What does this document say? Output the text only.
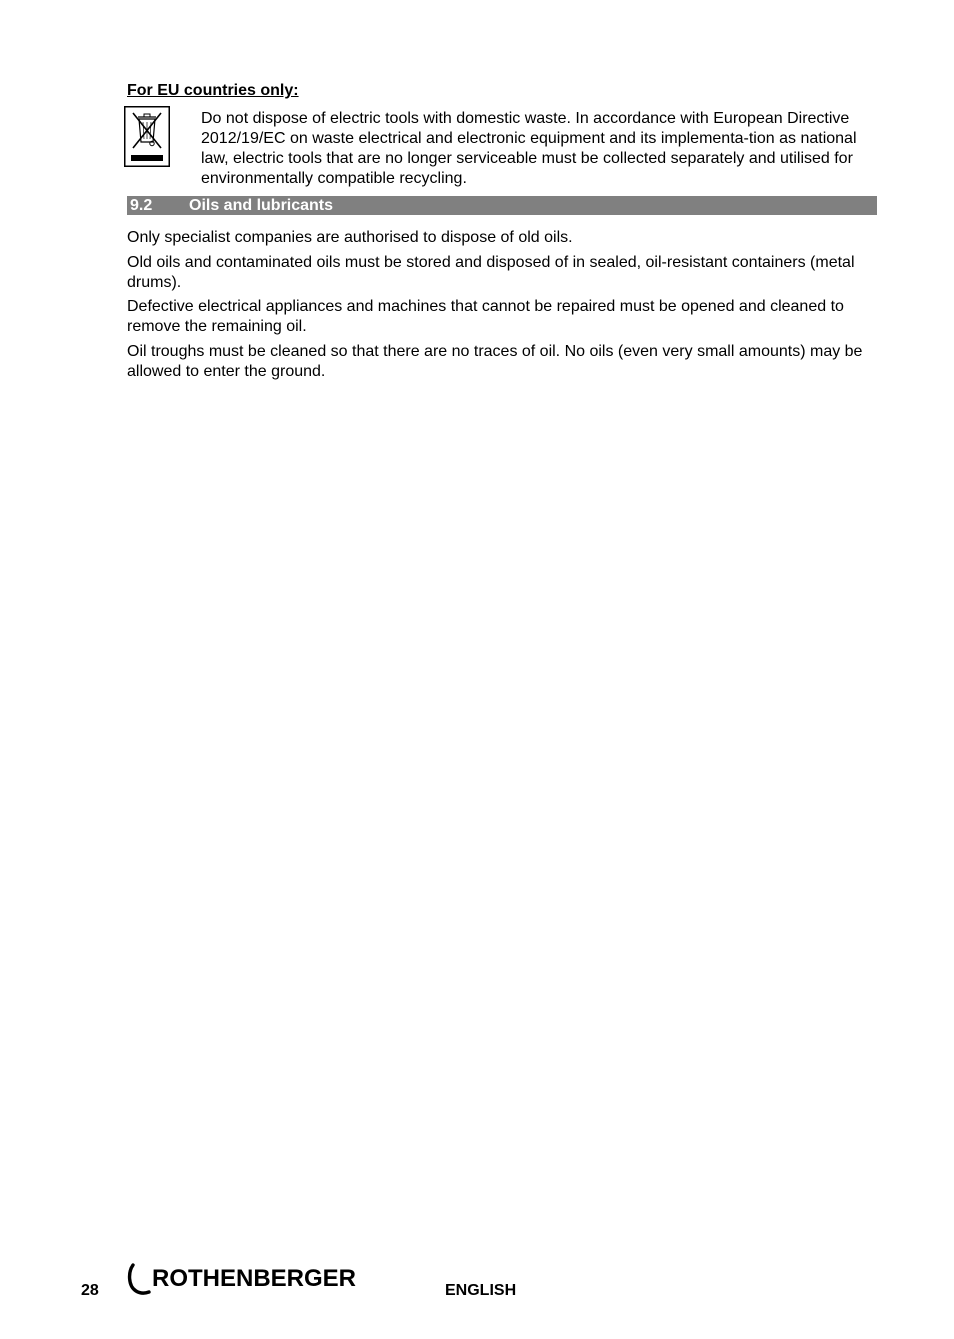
For EU countries only:

Do not dispose of electric tools with domestic waste. In accordance with European Directive 2012/19/EC on waste electrical and electronic equipment and its implementa-tion as national law, electric tools that are no longer serviceable must be collected separately and utilised for environmentally compatible recycling.

9.2 Oils and lubricants

Only specialist companies are authorised to dispose of old oils.

Old oils and contaminated oils must be stored and disposed of in sealed, oil-resistant containers (metal drums).

Defective electrical appliances and machines that cannot be repaired must be opened and cleaned to remove the remaining oil.

Oil troughs must be cleaned so that there are no traces of oil. No oils (even very small amounts) may be allowed to enter the ground.

28 ROTHENBERGER	ENGLISH
